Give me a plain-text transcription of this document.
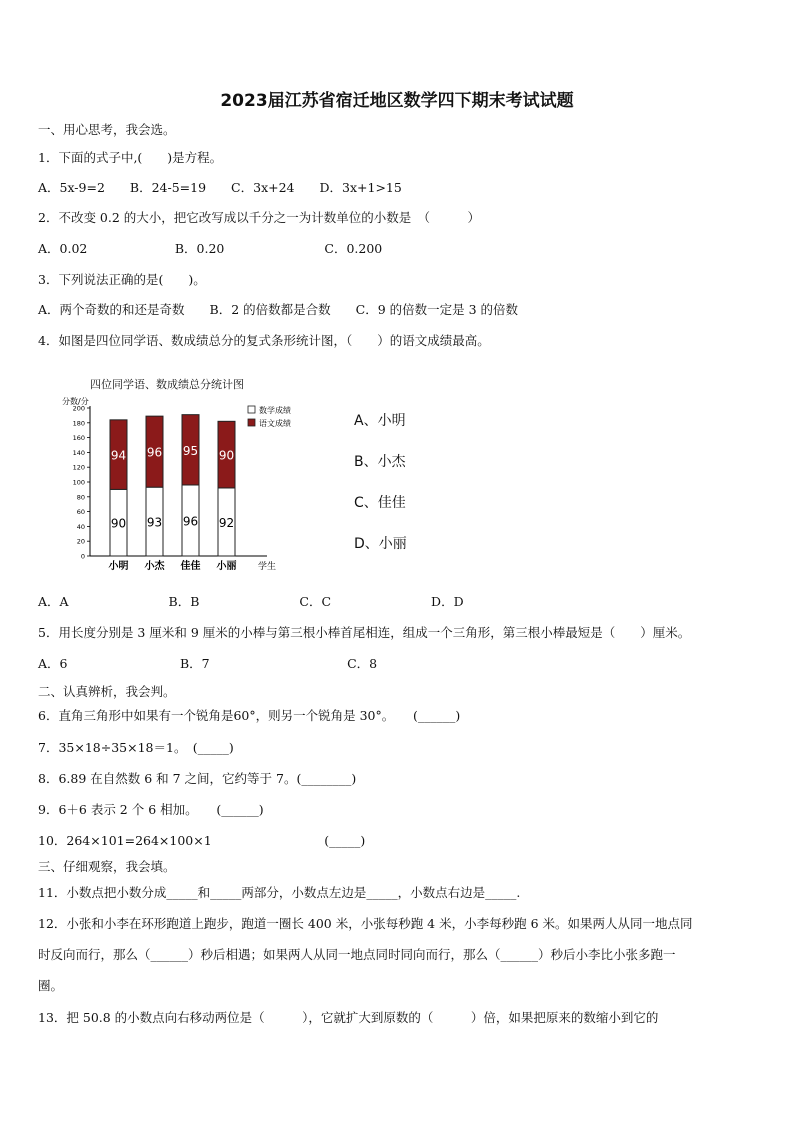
2023届江苏省宿迁地区数学四下期末考试试题
一、用心思考，我会选。
1．下面的式子中,(　　)是方程。
A．5x-9=2　　B．24-5=19　　C．3x+24　　D．3x+1>15
2．不改变 0.2 的大小，把它改写成以千分之一为计数单位的小数是　（　　　）
A．0.02　　　　　　　B．0.20　　　　　　　　C．0.200
3．下列说法正确的是(　　)。
A．两个奇数的和还是奇数　　B．2 的倍数都是合数　　C．9 的倍数一定是 3 的倍数
4．如图是四位同学语、数成绩总分的复式条形统计图，（　　）的语文成绩最高。
A．A　　　　　　　　B．B　　　　　　　　C．C　　　　　　　　D．D
5．用长度分别是 3 厘米和 9 厘米的小棒与第三根小棒首尾相连，组成一个三角形，第三根小棒最短是（　　）厘米。
A．6　　　　　　　　　B．7　　　　　　　　　　　C．8
二、认真辨析，我会判。
6．直角三角形中如果有一个锐角是60°，则另一个锐角是 30°。　　(______)
7．35×18÷35×18＝1。　(_____)
8．6.89 在自然数 6 和 7 之间，它约等于 7。(________)
9．6＋6 表示 2 个 6 相加。　　(______)
10．264×101=264×100×1　　　　　　　　　(_____)
三、仔细观察，我会填。
11．小数点把小数分成_____和_____两部分，小数点左边是_____，小数点右边是_____.
12．小张和小李在环形跑道上跑步，跑道一圈长 400 米，小张每秒跑 4 米，小李每秒跑 6 米。如果两人从同一地点同
时反向而行，那么（______）秒后相遇；如果两人从同一地点同时同向而行，那么（______）秒后小李比小张多跑一
圈。
13．把 50.8 的小数点向右移动两位是（　　　），它就扩大到原数的（　　　）倍，如果把原来的数缩小到它的
四位同学语、数成绩总分统计图
分数/分
0
20
40
60
80
100
120
140
160
180
200
90
94
小明
93
96
小杰
96
95
佳佳
92
90
小丽 学生
数学成绩
语文成绩	A、小明
B、小杰
C、佳佳
D、小丽
